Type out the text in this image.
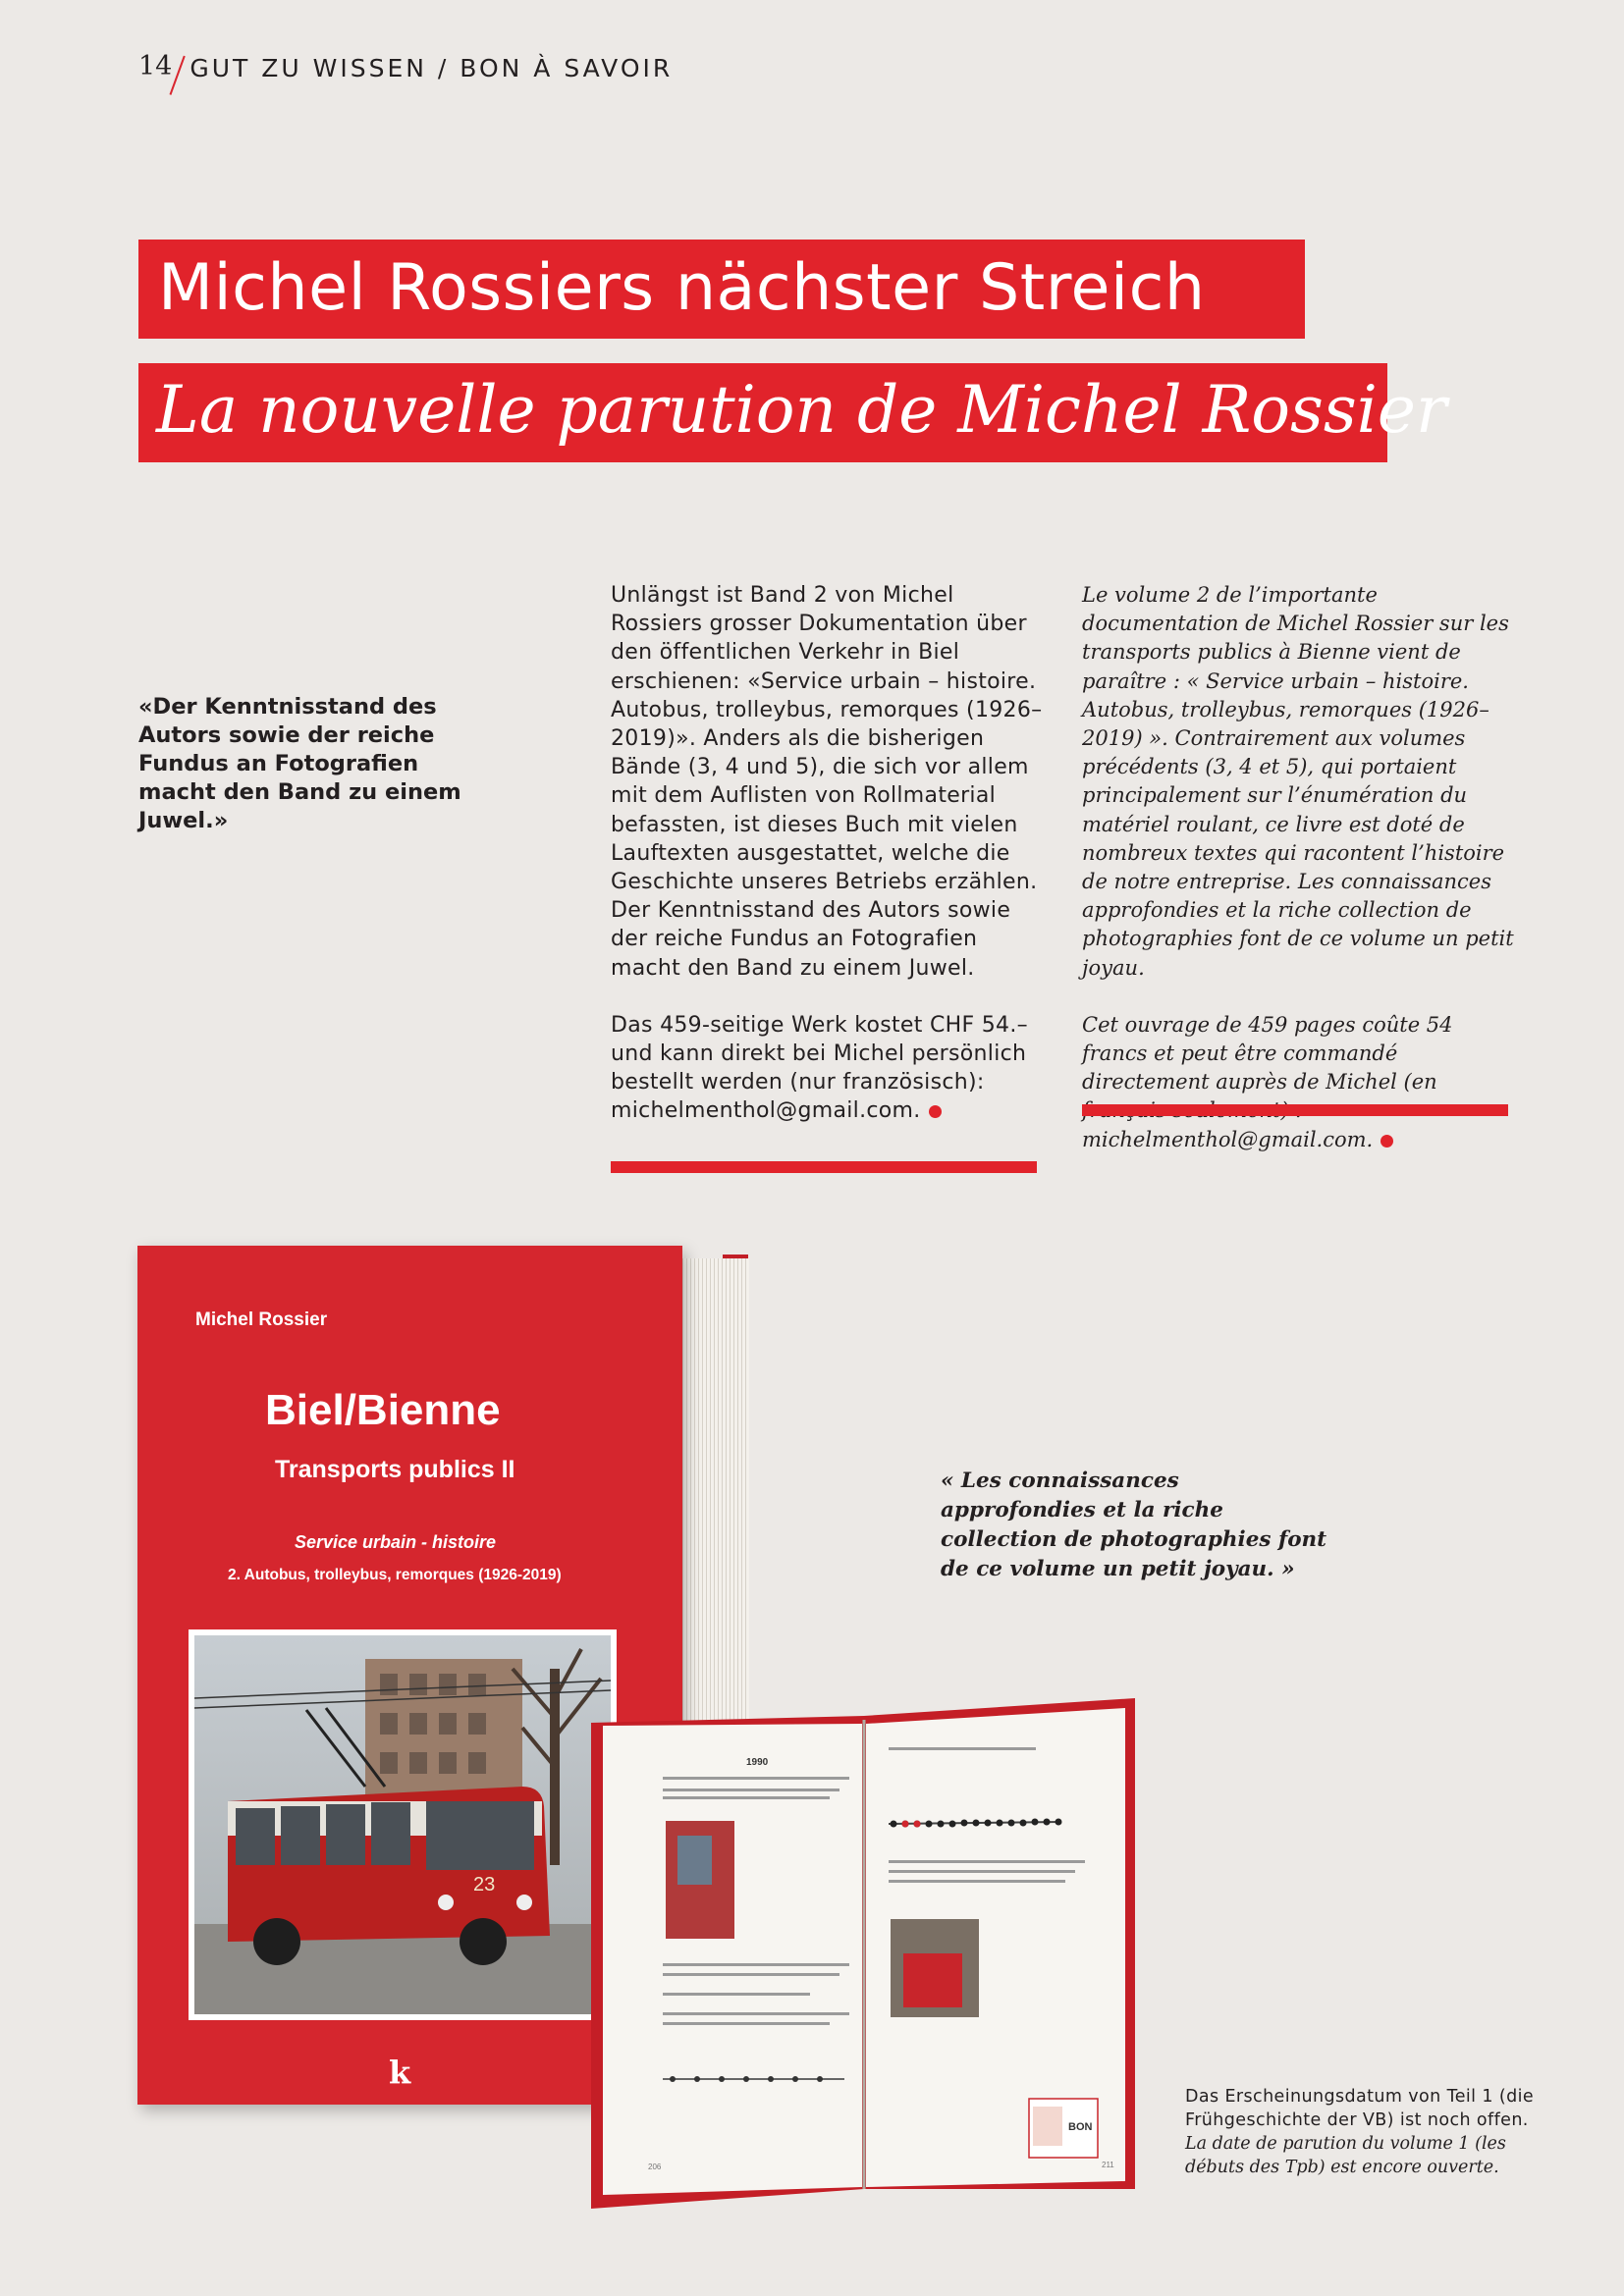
14 GUT ZU WISSEN / BON À SAVOIR
Michel Rossiers nächster Streich
La nouvelle parution de Michel Rossier
«Der Kenntnisstand des Autors sowie der reiche Fundus an Fotografien macht den Band zu einem Juwel.»

Unlängst ist Band 2 von Michel Rossiers grosser Dokumentation über den öffentlichen Verkehr in Biel erschienen: «Service urbain – histoire. Autobus, trolleybus, remorques (1926–2019)». Anders als die bisherigen Bände (3, 4 und 5), die sich vor allem mit dem Auflisten von Rollmaterial befassten, ist dieses Buch mit vielen Lauftexten ausgestattet, welche die Geschichte unseres Betriebs erzählen. Der Kenntnisstand des Autors sowie der reiche Fundus an Fotografien macht den Band zu einem Juwel.

Das 459-seitige Werk kostet CHF 54.– und kann direkt bei Michel persönlich bestellt werden (nur französisch): michelmenthol@gmail.com.

Le volume 2 de l’importante documentation de Michel Rossier sur les transports publics à Bienne vient de paraître : « Service urbain – histoire. Autobus, trolleybus, remorques (1926–2019) ». Contrairement aux volumes précédents (3, 4 et 5), qui portaient principalement sur l’énumération du matériel roulant, ce livre est doté de nombreux textes qui racontent l’histoire de notre entreprise. Les connaissances approfondies et la riche collection de photographies font de ce volume un petit joyau.

Cet ouvrage de 459 pages coûte 54 francs et peut être commandé directement auprès de Michel (en michelmenthol@gmail.com.

Michel Rossier
Biel/Bienne
Transports publics II
Service urbain - histoire
2. Autobus, trolleybus, remorques (1926-2019)
23
k
1990
206
BON
211
« Les connaissances approfondies et la riche collection de photographies font de ce volume un petit joyau. »
Das Erscheinungsdatum von Teil 1 (die Frühgeschichte der VB) ist noch offen.
La date de parution du volume 1 (les débuts des Tpb) est encore ouverte.
